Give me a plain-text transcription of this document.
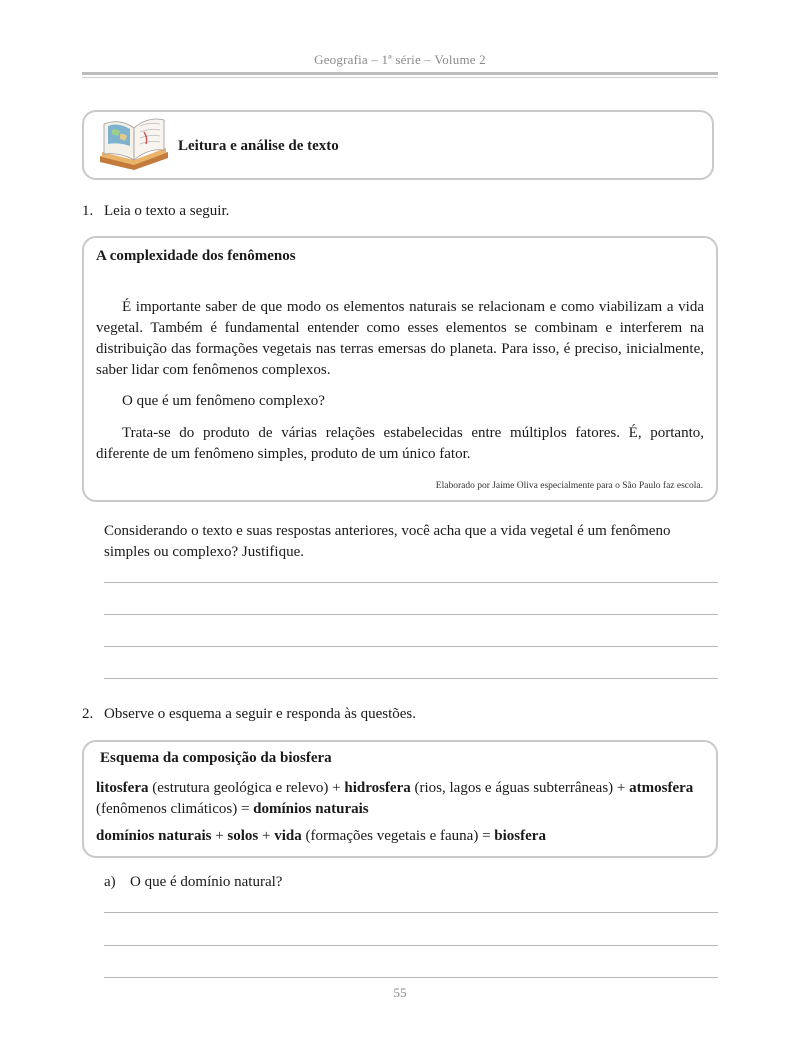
Geografia – 1ª série – Volume 2
Leitura e análise de texto
1. Leia o texto a seguir.
A complexidade dos fenômenos

É importante saber de que modo os elementos naturais se relacionam e como viabilizam a vida vegetal. Também é fundamental entender como esses elementos se combinam e interferem na distribuição das formações vegetais nas terras emersas do planeta. Para isso, é preciso, inicialmente, saber lidar com fenômenos complexos.

O que é um fenômeno complexo?

Trata-se do produto de várias relações estabelecidas entre múltiplos fatores. É, portanto, diferente de um fenômeno simples, produto de um único fator.

Elaborado por Jaime Oliva especialmente para o São Paulo faz escola.

Considerando o texto e suas respostas anteriores, você acha que a vida vegetal é um fenômeno simples ou complexo? Justifique.

2. Observe o esquema a seguir e responda às questões.
Esquema da composição da biosfera

litosfera (estrutura geológica e relevo) + hidrosfera (rios, lagos e águas subterrâneas) + atmosfera (fenômenos climáticos) = domínios naturais

domínios naturais + solos + vida (formações vegetais e fauna) = biosfera

a) O que é domínio natural?
55
